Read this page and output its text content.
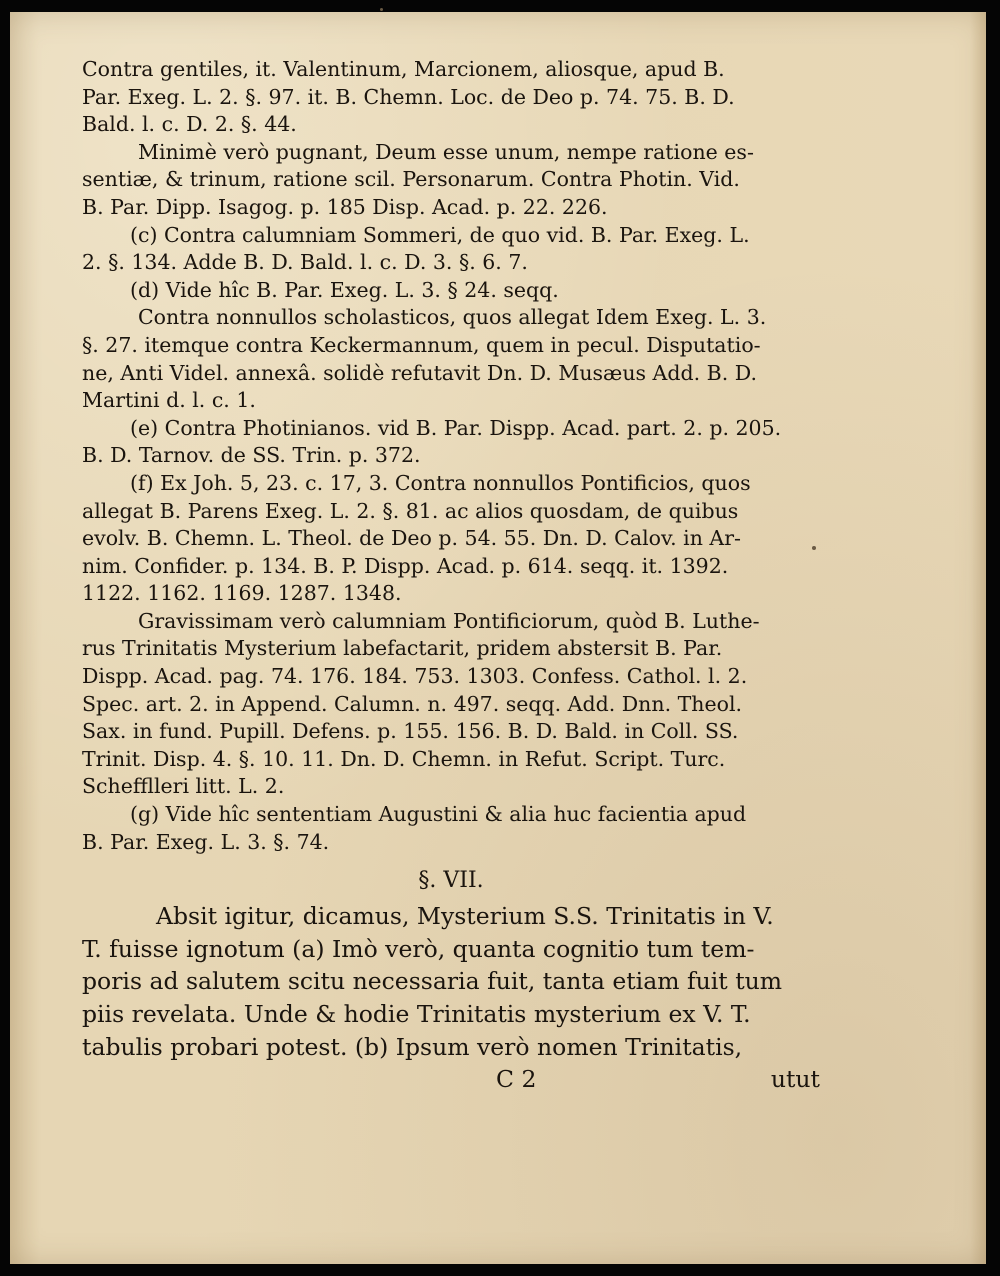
Contra gentiles, it. Valentinum, Marcionem, aliosque, apud B.
Par. Exeg. L. 2. §. 97. it. B. Chemn. Loc. de Deo p. 74. 75. B. D.
Bald. l. c. D. 2. §. 44.
Minimè verò pugnant, Deum esse unum, nempe ratione es-
sentiæ, & trinum, ratione scil. Personarum. Contra Photin. Vid.
B. Par. Dipp. Isagog. p. 185 Disp. Acad. p. 22. 226.
(c) Contra calumniam Sommeri, de quo vid. B. Par. Exeg. L.
2. §. 134. Adde B. D. Bald. l. c. D. 3. §. 6. 7.
(d) Vide hîc B. Par. Exeg. L. 3. § 24. seqq.
Contra nonnullos scholasticos, quos allegat Idem Exeg. L. 3.
§. 27. itemque contra Keckermannum, quem in pecul. Disputatio-
ne, Anti Videl. annexâ. solidè refutavit Dn. D. Musæus Add. B. D.
Martini d. l. c. 1.
(e) Contra Photinianos. vid B. Par. Dispp. Acad. part. 2. p. 205.
B. D. Tarnov. de SS. Trin. p. 372.
(f) Ex Joh. 5, 23. c. 17, 3. Contra nonnullos Pontificios, quos
allegat B. Parens Exeg. L. 2. §. 81. ac alios quosdam, de quibus
evolv. B. Chemn. L. Theol. de Deo p. 54. 55. Dn. D. Calov. in Ar-
nim. Confider. p. 134. B. P. Dispp. Acad. p. 614. seqq. it. 1392.
1122. 1162. 1169. 1287. 1348.
Gravissimam verò calumniam Pontificiorum, quòd B. Luthe-
rus Trinitatis Mysterium labefactarit, pridem abstersit B. Par.
Dispp. Acad. pag. 74. 176. 184. 753. 1303. Confess. Cathol. l. 2.
Spec. art. 2. in Append. Calumn. n. 497. seqq. Add. Dnn. Theol.
Sax. in fund. Pupill. Defens. p. 155. 156. B. D. Bald. in Coll. SS.
Trinit. Disp. 4. §. 10. 11. Dn. D. Chemn. in Refut. Script. Turc.
Schefflleri litt. L. 2.
(g) Vide hîc sententiam Augustini & alia huc facientia apud
B. Par. Exeg. L. 3. §. 74.
§. VII.
Absit igitur, dicamus, Mysterium S.S. Trinitatis in V.
T. fuisse ignotum (a) Imò verò, quanta cognitio tum tem-
poris ad salutem scitu necessaria fuit, tanta etiam fuit tum
piis revelata. Unde & hodie Trinitatis mysterium ex V. T.
tabulis probari potest. (b) Ipsum verò nomen Trinitatis,
C 2	utut
